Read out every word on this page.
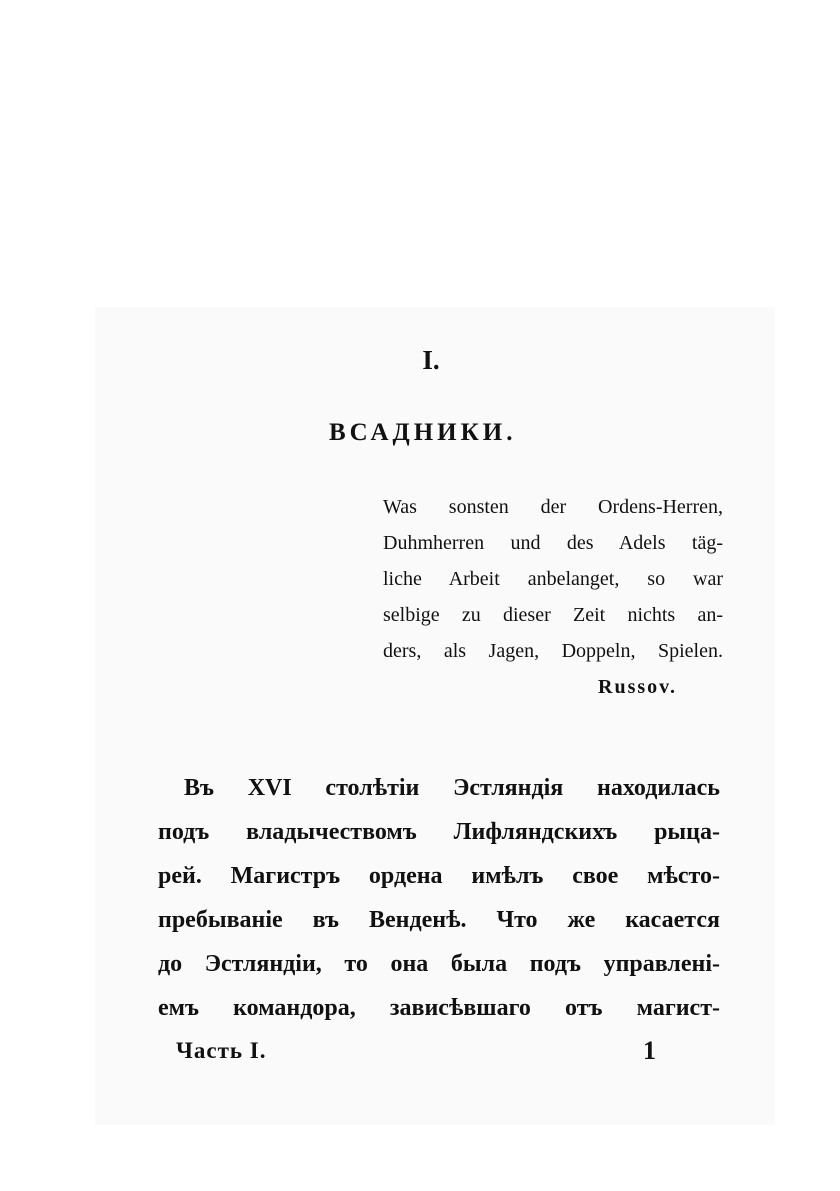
I.
ВСАДНИКИ.
Was sonsten der Ordens-Herren,
Duhmherren und des Adels täg-
liche Arbeit anbelanget, so war
selbige zu dieser Zeit nichts an-
ders, als Jagen, Doppeln, Spielen.
Russov.
Въ XVI столѣтіи Эстляндія находилась
подъ владычествомъ Лифляндскихъ рыца-
рей. Магистръ ордена имѣлъ свое мѣсто-
пребываніе въ Венденѣ. Что же касается
до Эстляндіи, то она была подъ управлені-
емъ командора, зависѣвшаго отъ магист-
Часть I.	1
